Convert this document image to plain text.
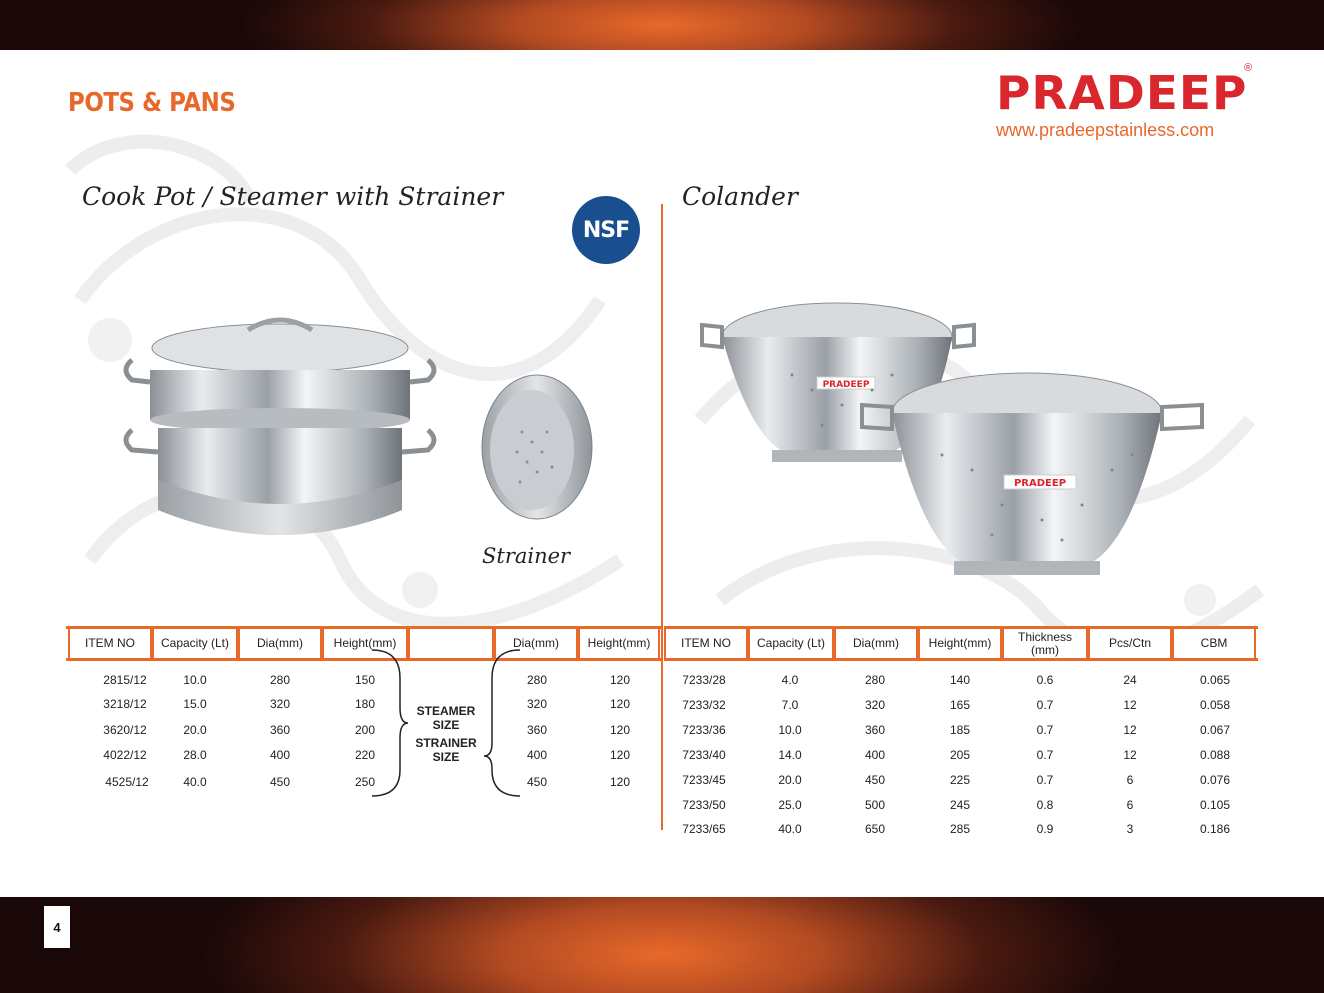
POTS & PANS	PRADEEP
®
www.pradeepstainless.com
Cook Pot / Steamer with Strainer	Colander
NSF
Strainer
PRADEEP
PRADEEP
ITEM NO	Capacity (Lt)	Dia(mm)	Height(mm)	Dia(mm)	Height(mm)	ITEM NO	Capacity (Lt)	Dia(mm)	Height(mm)	Thickness (mm)	Pcs/Ctn	CBM
2815/12	10.0	280	150	280	120
3218/12	15.0	320	180	320	120
3620/12	20.0	360	200	360	120
4022/12	28.0	400	220	400	120
4525/12	40.0	450	250	450	120
STEAMER SIZE
STRAINER SIZE
7233/28	4.0	280	140	0.6	24	0.065
7233/32	7.0	320	165	0.7	12	0.058
7233/36	10.0	360	185	0.7	12	0.067
7233/40	14.0	400	205	0.7	12	0.088
7233/45	20.0	450	225	0.7	6	0.076
7233/50	25.0	500	245	0.8	6	0.105
7233/65	40.0	650	285	0.9	3	0.186
4
